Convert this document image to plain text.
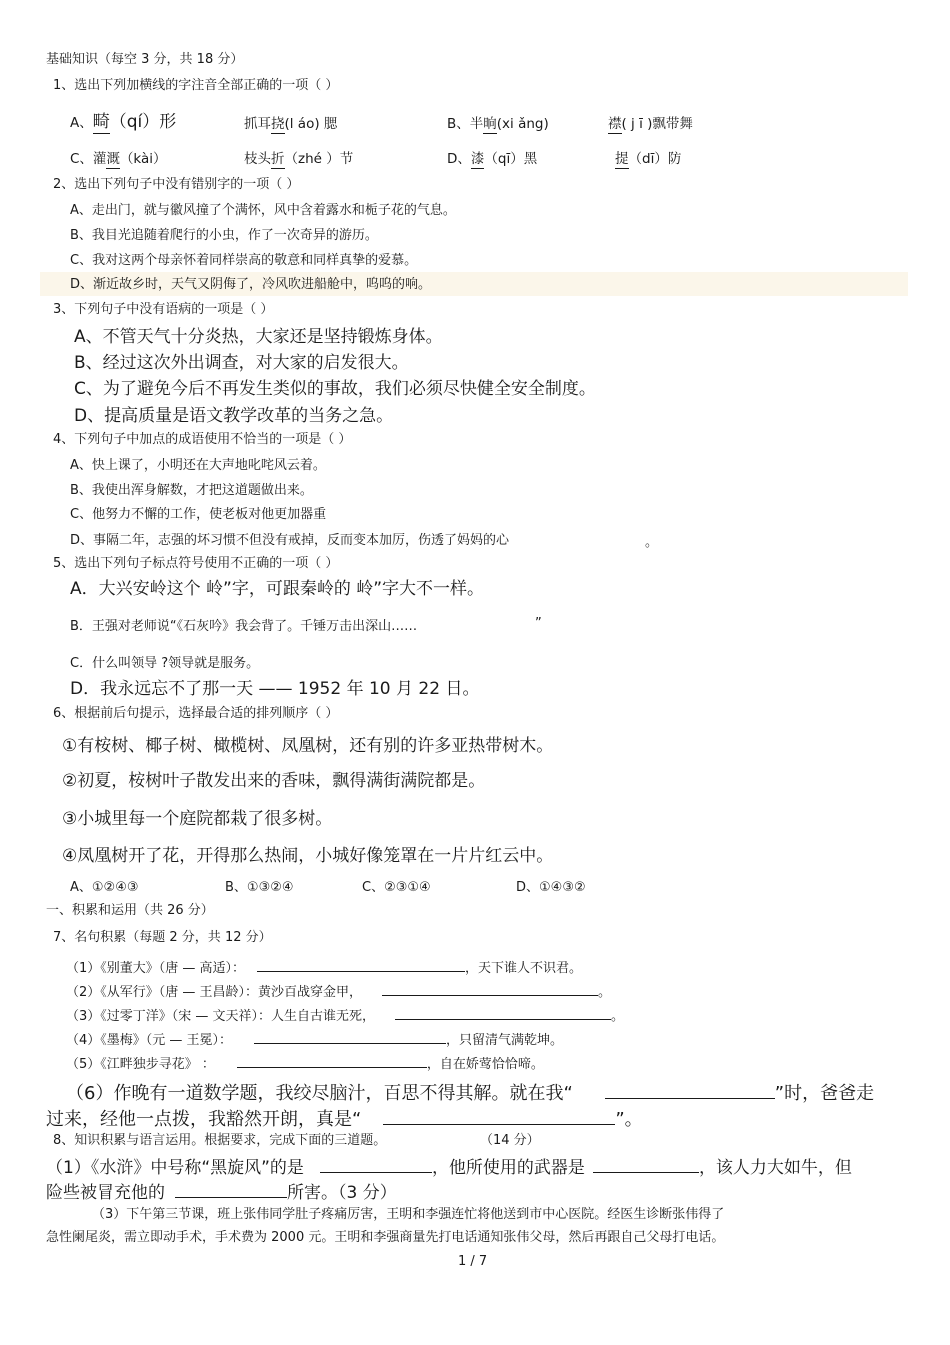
基础知识（每空 3 分，共 18 分）
1、选出下列加横线的字注音全部正确的一项（ ）
A、畸（qí）形	抓耳挠(l áo) 腮	B、半晌(xi ǎng)	襟( j ī )飘带舞
C、灌溉（kài）	枝头折（zhé ）节	D、漆（qī）黑	提（dī）防
2、选出下列句子中没有错别字的一项（ ）
A、走出门，就与徽风撞了个满怀，风中含着露水和栀子花的气息。
B、我目光追随着爬行的小虫，作了一次奇异的游历。
C、我对这两个母亲怀着同样崇高的敬意和同样真挚的爱慕。
D、渐近故乡时，天气又阴侮了，冷风吹进船舱中，呜呜的响。
3、下列句子中没有语病的一项是（ ）
A、不管天气十分炎热，大家还是坚持锻炼身体。
B、经过这次外出调查，对大家的启发很大。
C、为了避免今后不再发生类似的事故，我们必须尽快健全安全制度。
D、提高质量是语文教学改革的当务之急。
4、下列句子中加点的成语使用不恰当的一项是（ ）
A、快上课了，小明还在大声地叱咤风云着。
B、我使出浑身解数，才把这道题做出来。
C、他努力不懈的工作，使老板对他更加器重
D、事隔二年，志强的坏习惯不但没有戒掉，反而变本加厉，伤透了妈妈的心	。
5、选出下列句子标点符号使用不正确的一项（ ）
A．大兴安岭这个 岭”字，可跟秦岭的 岭”字大不一样。
B．王强对老师说“《石灰吟》我会背了。千锤万击出深山……	”
C．什么叫领导 ?领导就是服务。
D．我永远忘不了那一天 —— 1952 年 10 月 22 日。
6、根据前后句提示，选择最合适的排列顺序（ ）
①有桉树、椰子树、橄榄树、凤凰树，还有别的许多亚热带树木。
②初夏，桉树叶子散发出来的香味，飘得满街满院都是。
③小城里每一个庭院都栽了很多树。
④凤凰树开了花，开得那么热闹，小城好像笼罩在一片片红云中。
A、①②④③	B、①③②④	C、②③①④	D、①④③②
一、积累和运用（共 26 分）
7、名句积累（每题 2 分，共 12 分）
（1）《别董大》（唐 — 高适）：	，天下谁人不识君。
（2）《从军行》（唐 — 王昌龄）：黄沙百战穿金甲，	。
（3）《过零丁洋》（宋 — 文天祥）：人生自古谁无死，	。
（4）《墨梅》（元 — 王冕）：	，只留清气满乾坤。
（5）《江畔独步寻花》 ：	，自在娇莺恰恰啼。
（6）作晚有一道数学题，我绞尽脑汁，百思不得其解。就在我“	”时，爸爸走
过来，经他一点拨，我豁然开朗，真是“	”。
8、知识积累与语言运用。根据要求，完成下面的三道题。	（14 分）
（1）《水浒》中号称“黑旋风”的是	，他所使用的武器是	，该人力大如牛，但
险些被冒充他的	所害。（3 分）
（3）下午第三节课，班上张伟同学肚子疼痛厉害，王明和李强连忙将他送到市中心医院。经医生诊断张伟得了
急性阑尾炎，需立即动手术，手术费为 2000 元。王明和李强商量先打电话通知张伟父母，然后再跟自己父母打电话。
1 / 7
